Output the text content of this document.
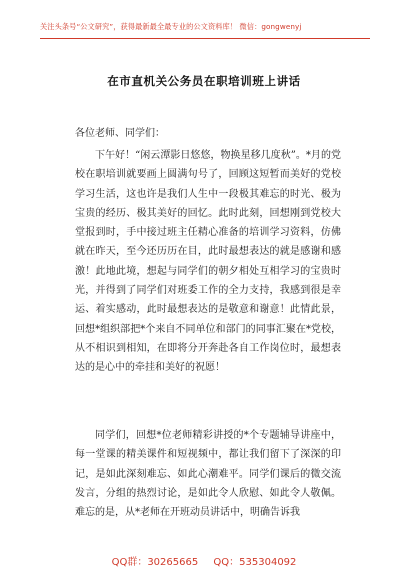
关注头条号“公文研究”，获得最新最全最专业的公文资料库！ 微信：gongwenyj
在市直机关公务员在职培训班上讲话
各位老师、同学们：

下午好！“闲云潭影日悠悠，物换星移几度秋”。*月的党校在职培训就要画上圆满句号了，回顾这短暂而美好的党校学习生活，这也许是我们人生中一段极其难忘的时光、极为宝贵的经历、极其美好的回忆。此时此刻，回想刚到党校大堂报到时，手中接过班主任精心准备的培训学习资料，仿佛就在昨天，至今还历历在目，此时最想表达的就是感谢和感激！此地此境，想起与同学们的朝夕相处互相学习的宝贵时光，并得到了同学们对班委工作的全力支持，我感到很是幸运、着实感动，此时最想表达的是敬意和谢意！此情此景，回想*组织部把*个来自不同单位和部门的同事汇聚在*党校，从不相识到相知，在即将分开奔赴各自工作岗位时，最想表达的是心中的牵挂和美好的祝愿！

同学们，回想*位老师精彩讲授的*个专题辅导讲座中，每一堂课的精美课件和短视频中，都让我们留下了深深的印记，是如此深刻难忘、如此心潮难平。同学们课后的微交流发言，分组的热烈讨论，是如此令人欣慰、如此令人敬佩。难忘的是，从*老师在开班动员讲话中，明确告诉我

QQ群：30265665 QQ：535304092
